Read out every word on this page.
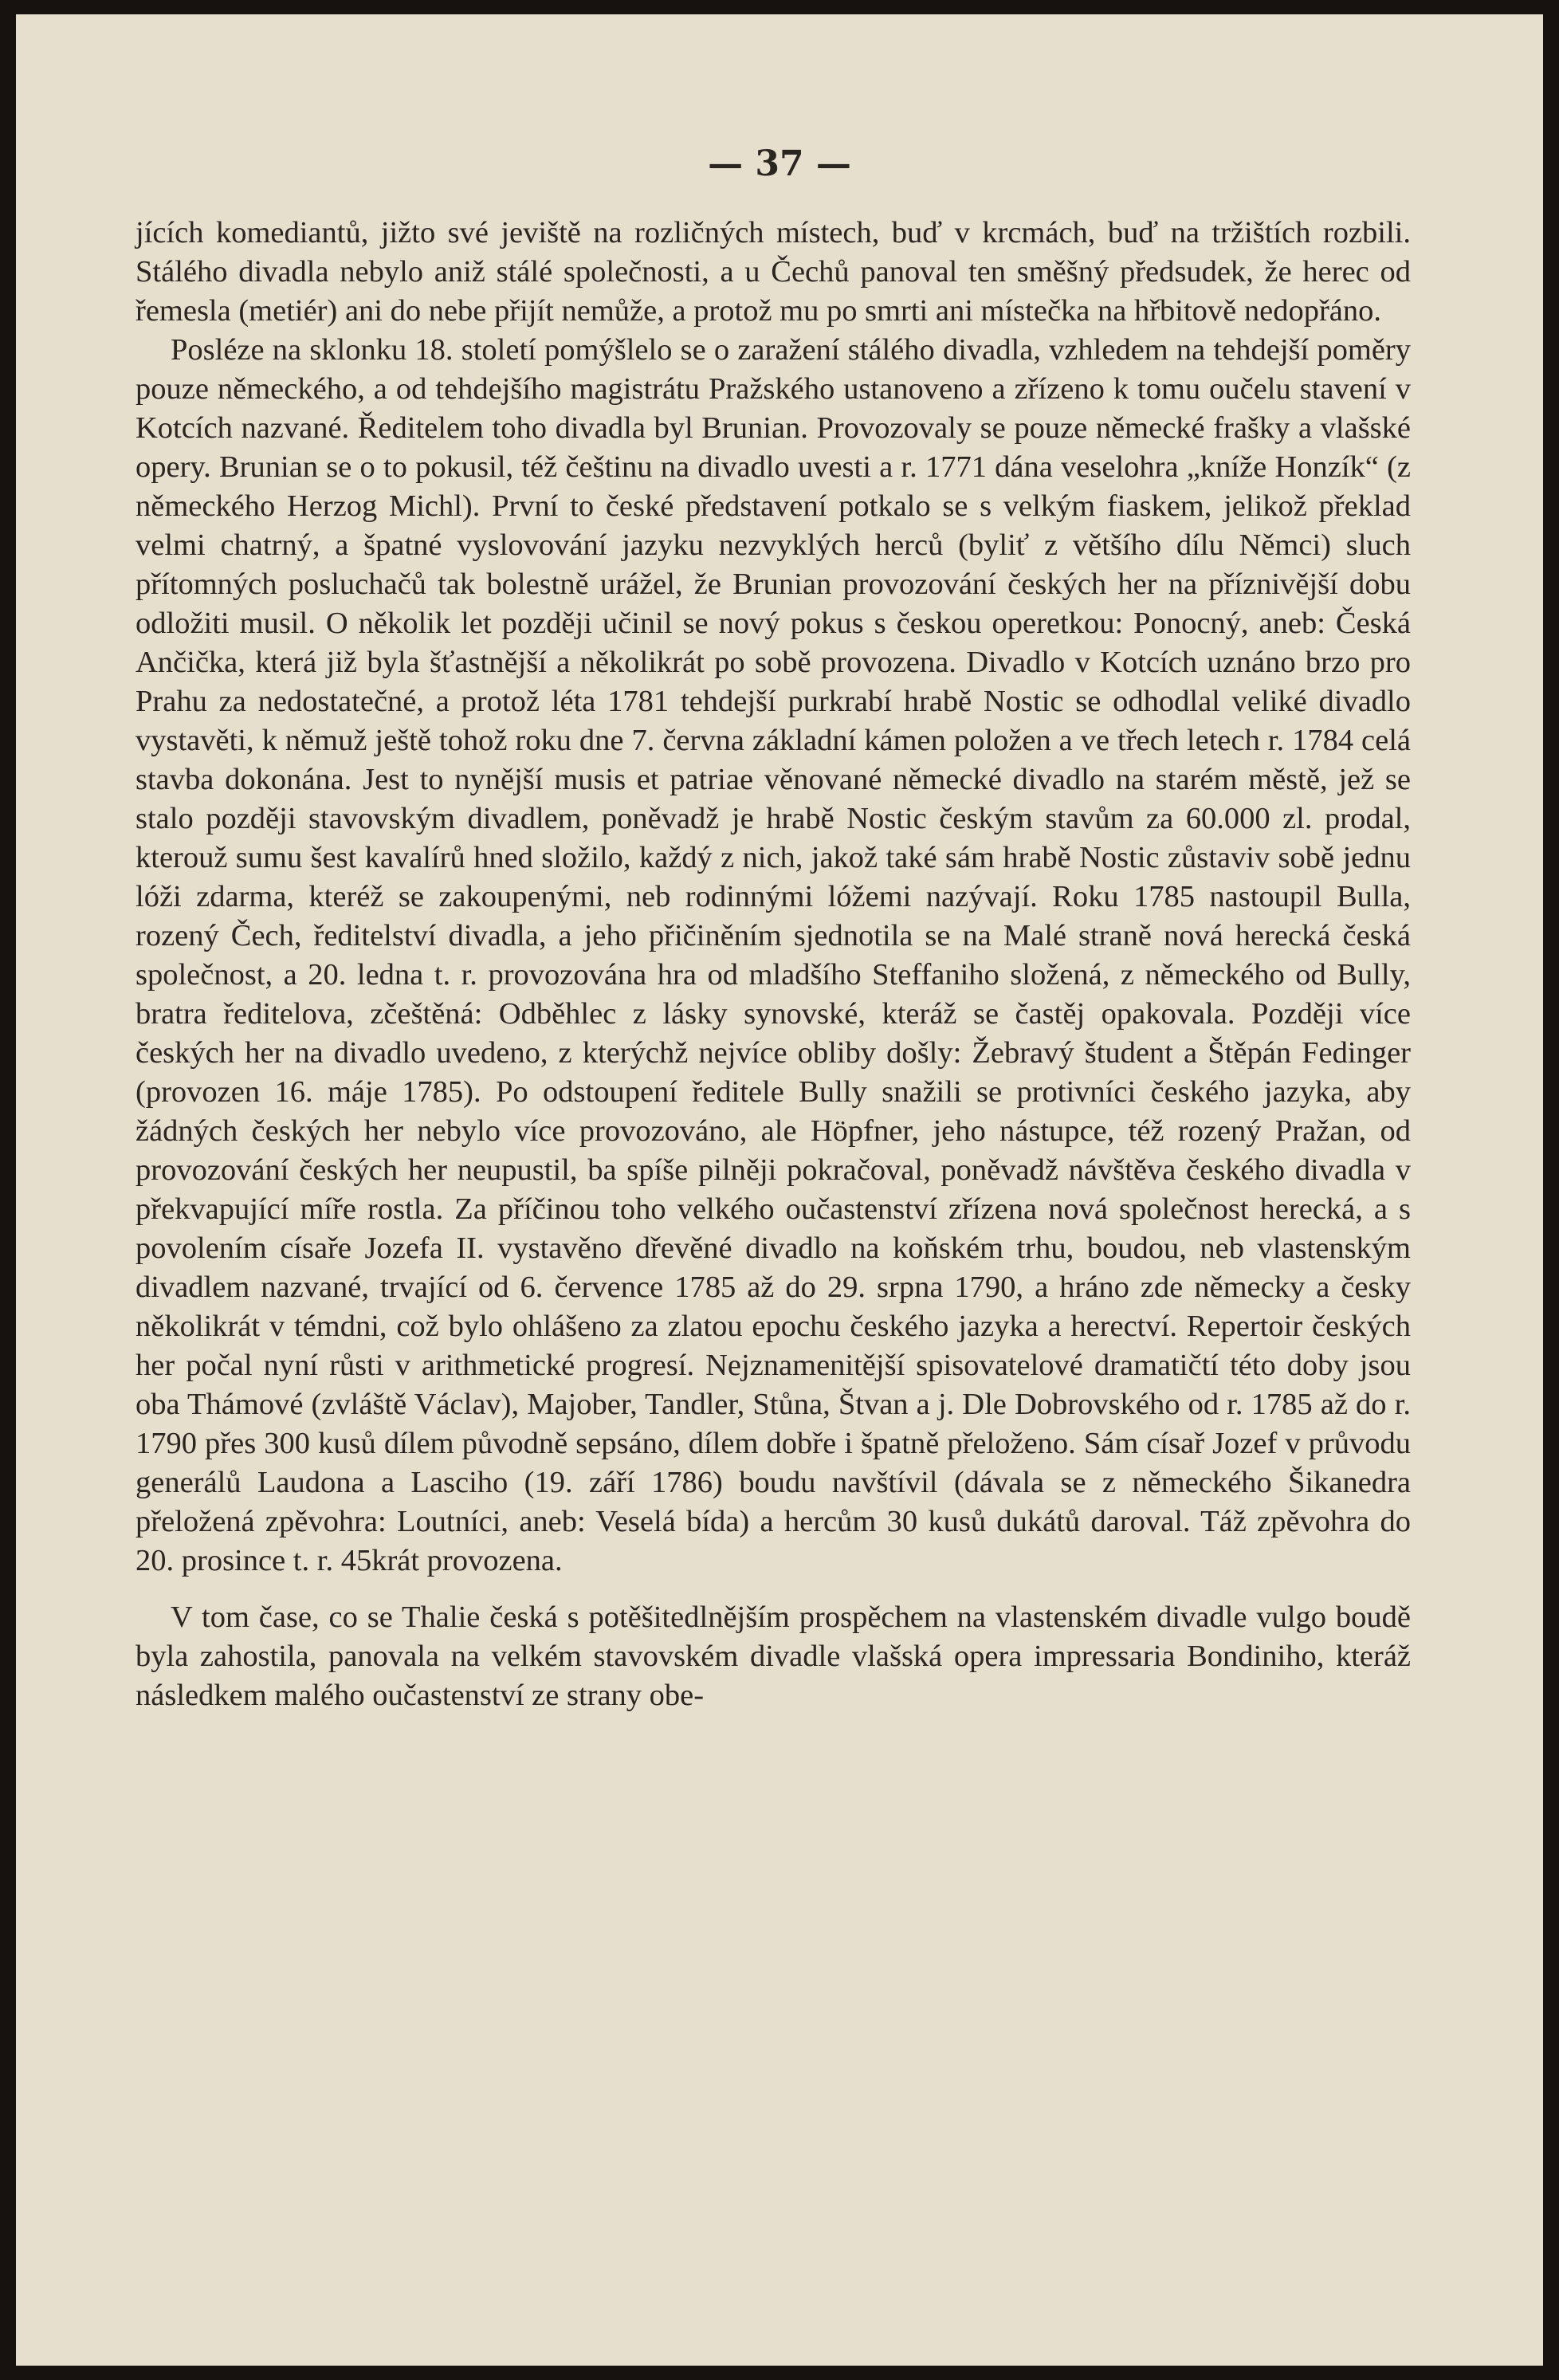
— 37 —

jících komediantů, jižto své jeviště na rozličných místech, buď v krcmách, buď na tržištích rozbili. Stálého divadla nebylo aniž stálé společnosti, a u Čechů panoval ten směšný předsudek, že herec od řemesla (metiér) ani do nebe přijít nemůže, a protož mu po smrti ani místečka na hřbitově nedopřáno.

Posléze na sklonku 18. století pomýšlelo se o zaražení stálého divadla, vzhledem na tehdejší poměry pouze německého, a od tehdejšího magistrátu Pražského ustanoveno a zřízeno k tomu oučelu stavení v Kotcích nazvané. Ředitelem toho divadla byl Brunian. Provozovaly se pouze německé frašky a vlašské opery. Brunian se o to pokusil, též češtinu na divadlo uvesti a r. 1771 dána veselohra „kníže Honzík“ (z německého Herzog Michl). První to české představení potkalo se s velkým fiaskem, jelikož překlad velmi chatrný, a špatné vyslovování jazyku nezvyklých herců (byliť z většího dílu Němci) sluch přítomných posluchačů tak bolestně urážel, že Brunian provozování českých her na příznivější dobu odložiti musil. O několik let později učinil se nový pokus s českou operetkou: Ponocný, aneb: Česká Ančička, která již byla šťastnější a několikrát po sobě provozena. Divadlo v Kotcích uznáno brzo pro Prahu za nedostatečné, a protož léta 1781 tehdejší purkrabí hrabě Nostic se odhodlal veliké divadlo vystavěti, k němuž ještě tohož roku dne 7. června základní kámen položen a ve třech letech r. 1784 celá stavba dokonána. Jest to nynější musis et patriae věnované německé divadlo na starém městě, jež se stalo později stavovským divadlem, poněvadž je hrabě Nostic českým stavům za 60.000 zl. prodal, kterouž sumu šest kavalírů hned složilo, každý z nich, jakož také sám hrabě Nostic zůstaviv sobě jednu lóži zdarma, kteréž se zakoupenými, neb rodinnými lóžemi nazývají. Roku 1785 nastoupil Bulla, rozený Čech, ředitelství divadla, a jeho přičiněním sjednotila se na Malé straně nová herecká česká společnost, a 20. ledna t. r. provozována hra od mladšího Steffaniho složená, z německého od Bully, bratra ředitelova, zčeštěná: Odběhlec z lásky synovské, kteráž se častěj opakovala. Později více českých her na divadlo uvedeno, z kterýchž nejvíce obliby došly: Žebravý študent a Štěpán Fedinger (provozen 16. máje 1785). Po odstoupení ředitele Bully snažili se protivníci českého jazyka, aby žádných českých her nebylo více provozováno, ale Höpfner, jeho nástupce, též rozený Pražan, od provozování českých her neupustil, ba spíše pilněji pokračoval, poněvadž návštěva českého divadla v překvapující míře rostla. Za příčinou toho velkého oučastenství zřízena nová společnost herecká, a s povolením císaře Jozefa II. vystavěno dřevěné divadlo na koňském trhu, boudou, neb vlastenským divadlem nazvané, trvající od 6. července 1785 až do 29. srpna 1790, a hráno zde německy a česky několikrát v témdni, což bylo ohlášeno za zlatou epochu českého jazyka a herectví. Repertoir českých her počal nyní růsti v arithmetické progresí. Nejznamenitější spisovatelové dramatičtí této doby jsou oba Thámové (zvláště Václav), Majober, Tandler, Stůna, Štvan a j. Dle Dobrovského od r. 1785 až do r. 1790 přes 300 kusů dílem původně sepsáno, dílem dobře i špatně přeloženo. Sám císař Jozef v průvodu generálů Laudona a Lasciho (19. září 1786) boudu navštívil (dávala se z německého Šikanedra přeložená zpěvohra: Loutníci, aneb: Veselá bída) a hercům 30 kusů dukátů daroval. Táž zpěvohra do 20. prosince t. r. 45krát provozena.

V tom čase, co se Thalie česká s potěšitedlnějším prospěchem na vlastenském divadle vulgo boudě byla zahostila, panovala na velkém stavovském divadle vlašská opera impressaria Bondiniho, kteráž následkem malého oučastenství ze strany obe-
